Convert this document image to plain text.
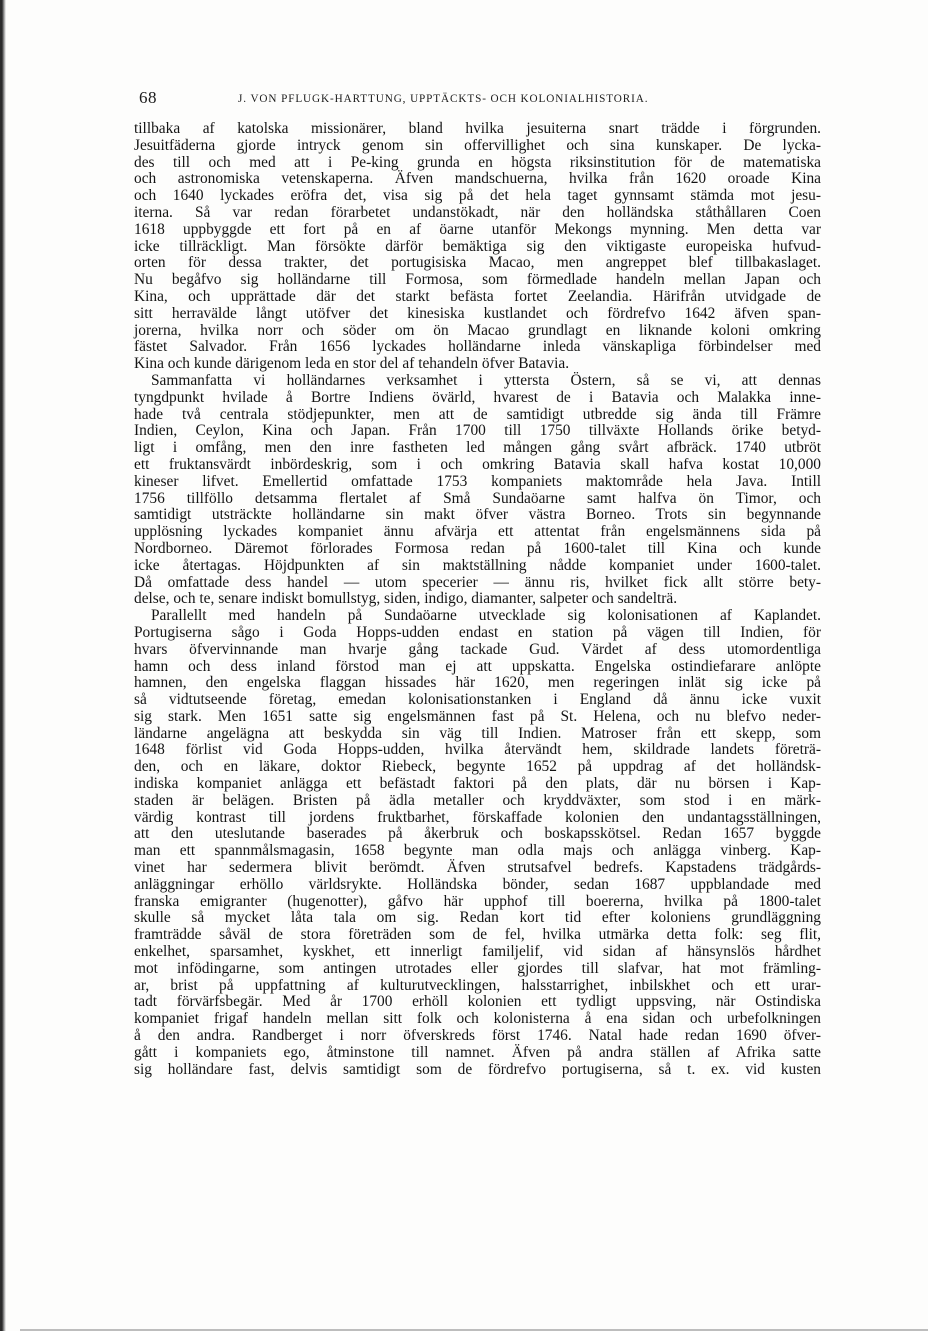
68	J. VON PFLUGK-HARTTUNG, UPPTÄCKTS- OCH KOLONIALHISTORIA.
tillbaka af katolska missionärer, bland hvilka jesuiterna snart trädde i förgrunden.
Jesuitfäderna gjorde intryck genom sin offervillighet och sina kunskaper. De lycka-
des till och med att i Pe-king grunda en högsta riksinstitution för de matematiska
och astronomiska vetenskaperna. Äfven mandschuerna, hvilka från 1620 oroade Kina
och 1640 lyckades eröfra det, visa sig på det hela taget gynnsamt stämda mot jesu-
iterna. Så var redan förarbetet undanstökadt, när den holländska ståthållaren Coen
1618 uppbyggde ett fort på en af öarne utanför Mekongs mynning. Men detta var
icke tillräckligt. Man försökte därför bemäktiga sig den viktigaste europeiska hufvud-
orten för dessa trakter, det portugisiska Macao, men angreppet blef tillbakaslaget.
Nu begåfvo sig holländarne till Formosa, som förmedlade handeln mellan Japan och
Kina, och upprättade där det starkt befästa fortet Zeelandia. Härifrån utvidgade de
sitt herravälde långt utöfver det kinesiska kustlandet och fördrefvo 1642 äfven span-
jorerna, hvilka norr och söder om ön Macao grundlagt en liknande koloni omkring
fästet Salvador. Från 1656 lyckades holländarne inleda vänskapliga förbindelser med
Kina och kunde därigenom leda en stor del af tehandeln öfver Batavia.
Sammanfatta vi holländarnes verksamhet i yttersta Östern, så se vi, att dennas
tyngdpunkt hvilade å Bortre Indiens övärld, hvarest de i Batavia och Malakka inne-
hade två centrala stödjepunkter, men att de samtidigt utbredde sig ända till Främre
Indien, Ceylon, Kina och Japan. Från 1700 till 1750 tillväxte Hollands örike betyd-
ligt i omfång, men den inre fastheten led mången gång svårt afbräck. 1740 utbröt
ett fruktansvärdt inbördeskrig, som i och omkring Batavia skall hafva kostat 10,000
kineser lifvet. Emellertid omfattade 1753 kompaniets maktområde hela Java. Intill
1756 tillföllo detsamma flertalet af Små Sundaöarne samt halfva ön Timor, och
samtidigt utsträckte holländarne sin makt öfver västra Borneo. Trots sin begynnande
upplösning lyckades kompaniet ännu afvärja ett attentat från engelsmännens sida på
Nordborneo. Däremot förlorades Formosa redan på 1600-talet till Kina och kunde
icke återtagas. Höjdpunkten af sin maktställning nådde kompaniet under 1600-talet.
Då omfattade dess handel — utom specerier — ännu ris, hvilket fick allt större bety-
delse, och te, senare indiskt bomullstyg, siden, indigo, diamanter, salpeter och sandelträ.
Parallellt med handeln på Sundaöarne utvecklade sig kolonisationen af Kaplandet.
Portugiserna sågo i Goda Hopps-udden endast en station på vägen till Indien, för
hvars öfvervinnande man hvarje gång tackade Gud. Värdet af dess utomordentliga
hamn och dess inland förstod man ej att uppskatta. Engelska ostindiefarare anlöpte
hamnen, den engelska flaggan hissades här 1620, men regeringen inlät sig icke på
så vidtutseende företag, emedan kolonisationstanken i England då ännu icke vuxit
sig stark. Men 1651 satte sig engelsmännen fast på St. Helena, och nu blefvo neder-
ländarne angelägna att beskydda sin väg till Indien. Matroser från ett skepp, som
1648 förlist vid Goda Hopps-udden, hvilka återvändt hem, skildrade landets företrä-
den, och en läkare, doktor Riebeck, begynte 1652 på uppdrag af det holländsk-
indiska kompaniet anlägga ett befästadt faktori på den plats, där nu börsen i Kap-
staden är belägen. Bristen på ädla metaller och kryddväxter, som stod i en märk-
värdig kontrast till jordens fruktbarhet, förskaffade kolonien den undantagsställningen,
att den uteslutande baserades på åkerbruk och boskapsskötsel. Redan 1657 byggde
man ett spannmålsmagasin, 1658 begynte man odla majs och anlägga vinberg. Kap-
vinet har sedermera blivit berömdt. Äfven strutsafvel bedrefs. Kapstadens trädgårds-
anläggningar erhöllo världsrykte. Holländska bönder, sedan 1687 uppblandade med
franska emigranter (hugenotter), gåfvo här upphof till boererna, hvilka på 1800-talet
skulle så mycket låta tala om sig. Redan kort tid efter koloniens grundläggning
framträdde såväl de stora företräden som de fel, hvilka utmärka detta folk: seg flit,
enkelhet, sparsamhet, kyskhet, ett innerligt familjelif, vid sidan af hänsynslös hårdhet
mot infödingarne, som antingen utrotades eller gjordes till slafvar, hat mot främling-
ar, brist på uppfattning af kulturutvecklingen, halsstarrighet, inbilskhet och ett urar-
tadt förvärfsbegär. Med år 1700 erhöll kolonien ett tydligt uppsving, när Ostindiska
kompaniet frigaf handeln mellan sitt folk och kolonisterna å ena sidan och urbefolkningen
å den andra. Randberget i norr öfverskreds först 1746. Natal hade redan 1690 öfver-
gått i kompaniets ego, åtminstone till namnet. Äfven på andra ställen af Afrika satte
sig holländare fast, delvis samtidigt som de fördrefvo portugiserna, så t. ex. vid kusten
